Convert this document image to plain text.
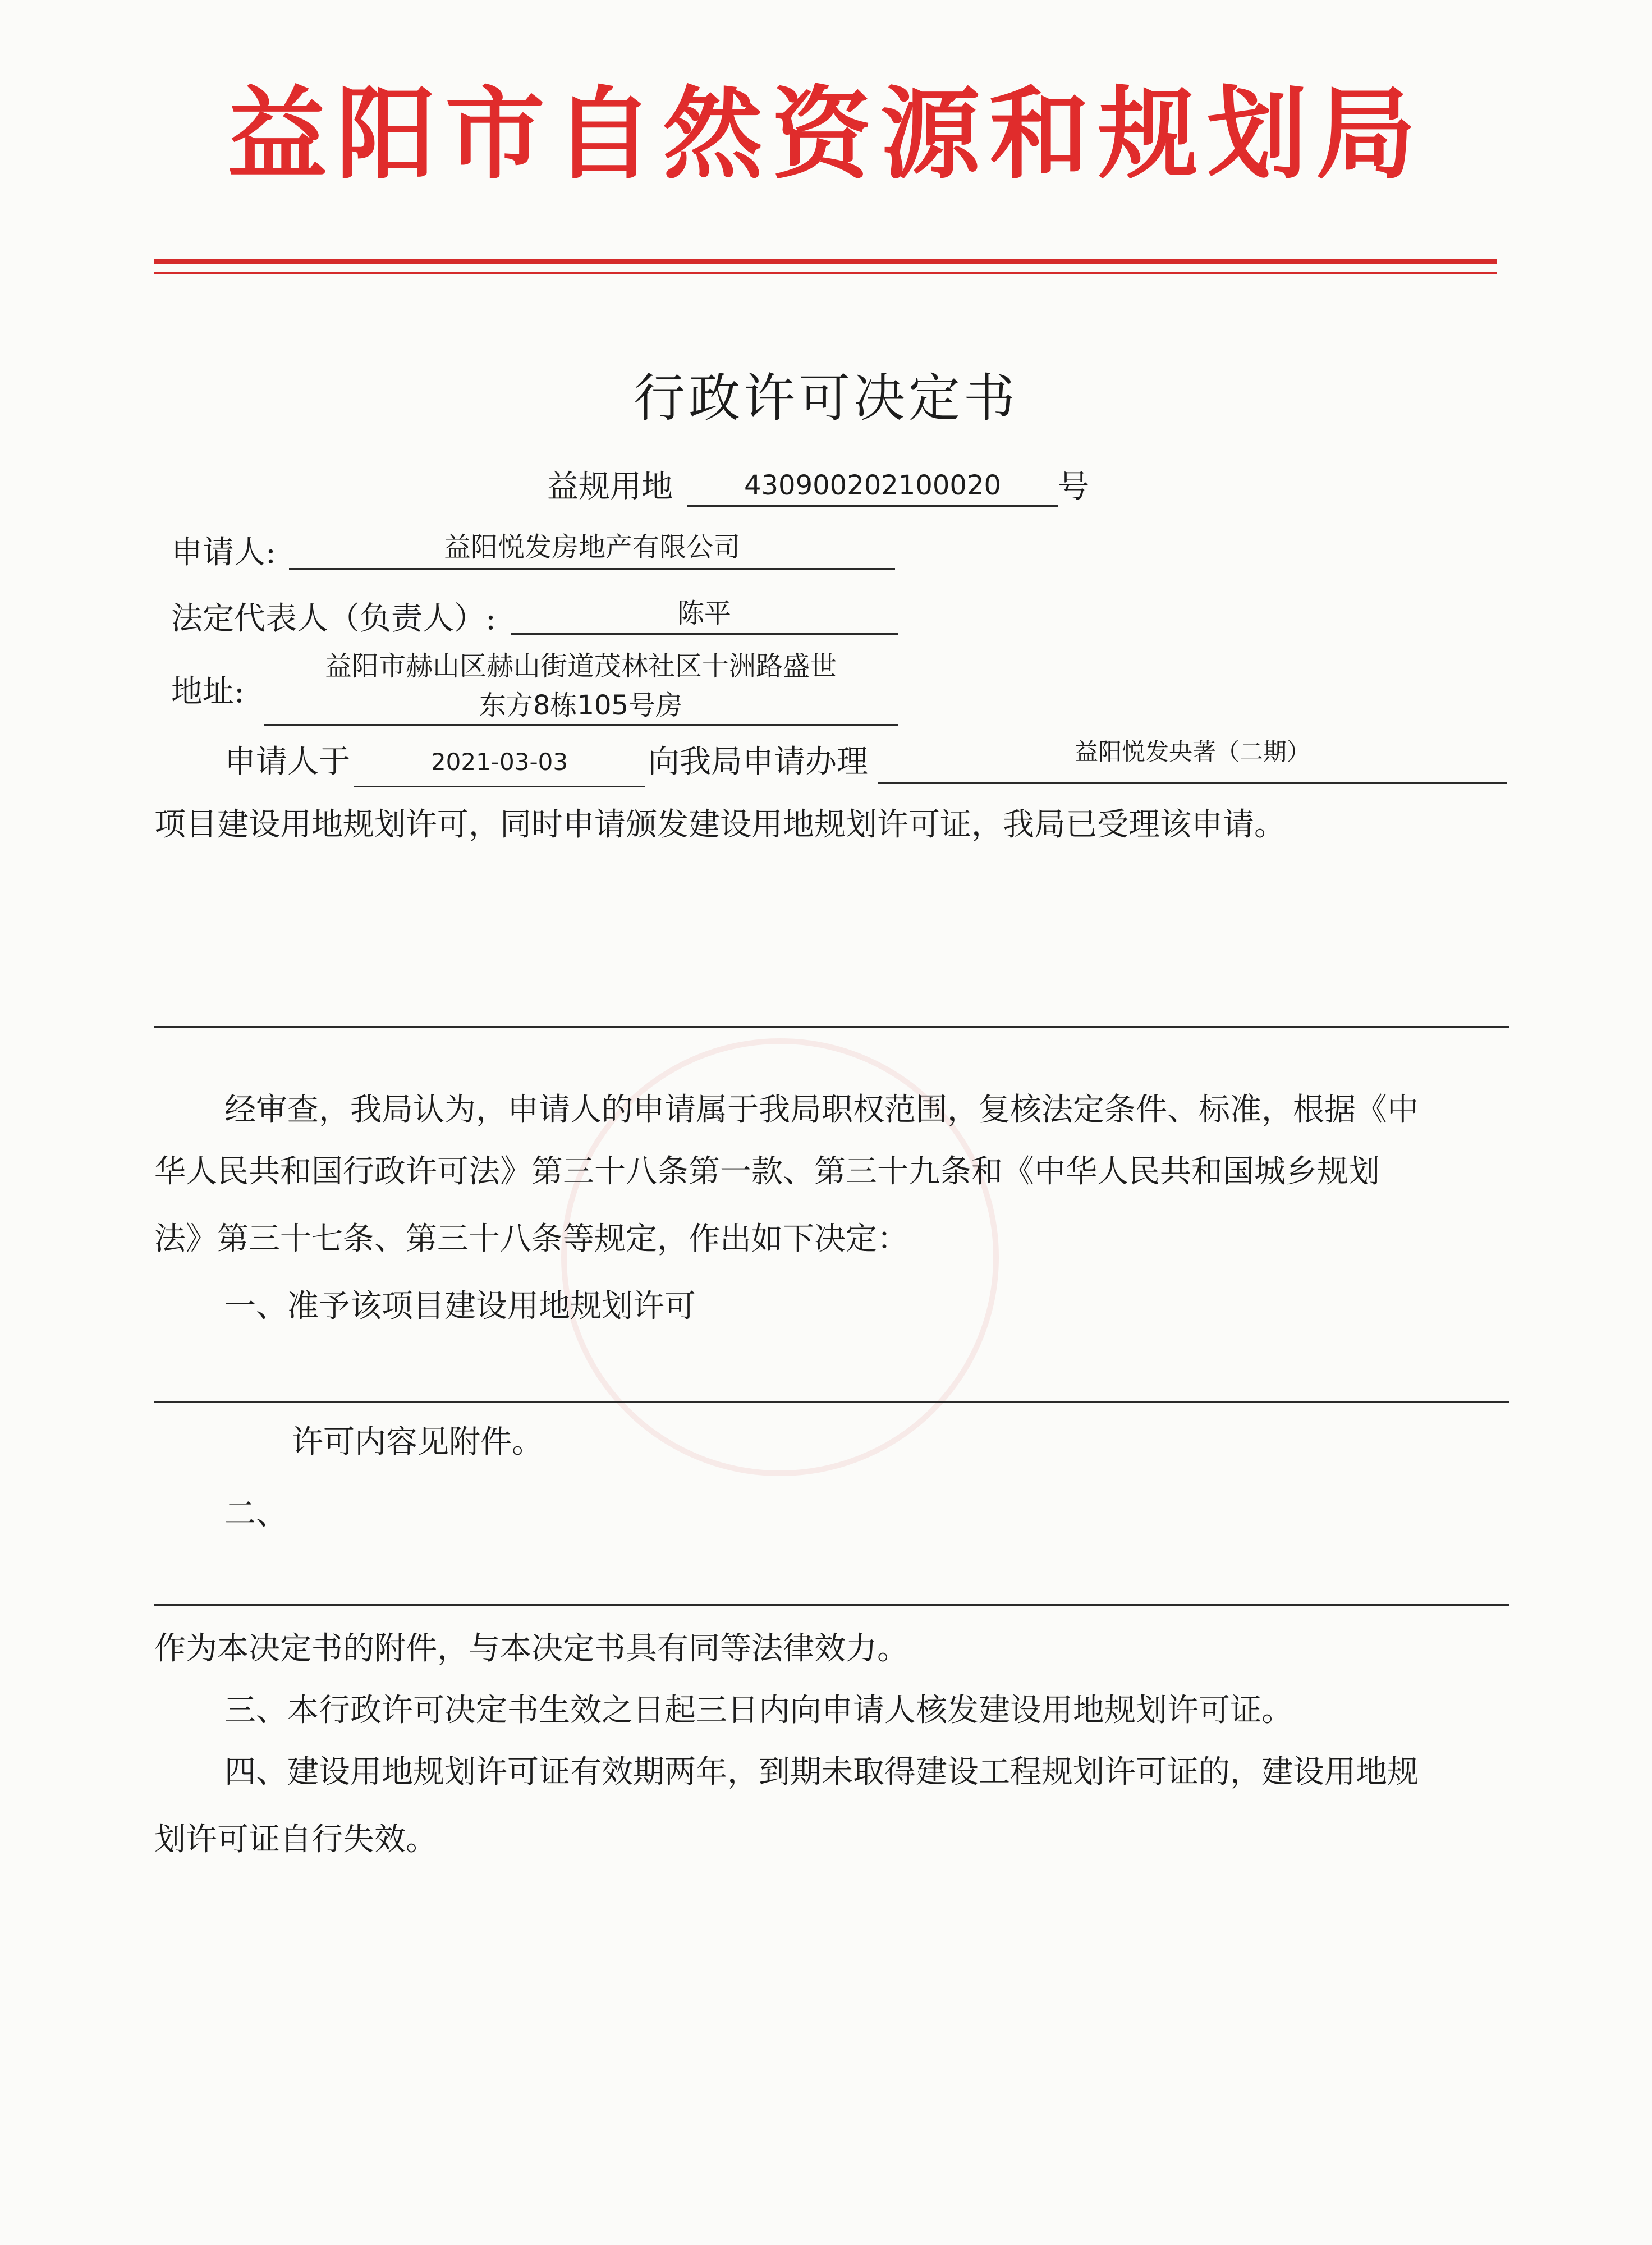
益阳市自然资源和规划局
行政许可决定书
益规用地	430900202100020	号
申请人:	益阳悦发房地产有限公司
法定代表人（负责人）:	陈平
地址:
益阳市赫山区赫山街道茂林社区十洲路盛世
东方8栋105号房
申请人于	2021-03-03	向我局申请办理	益阳悦发央著（二期）
项目建设用地规划许可，同时申请颁发建设用地规划许可证，我局已受理该申请。
经审查，我局认为，申请人的申请属于我局职权范围，复核法定条件、标准，根据《中
华人民共和国行政许可法》第三十八条第一款、第三十九条和《中华人民共和国城乡规划
法》第三十七条、第三十八条等规定，作出如下决定：
一、准予该项目建设用地规划许可
许可内容见附件。
二、
作为本决定书的附件，与本决定书具有同等法律效力。
三、本行政许可决定书生效之日起三日内向申请人核发建设用地规划许可证。
四、建设用地规划许可证有效期两年，到期未取得建设工程规划许可证的，建设用地规
划许可证自行失效。
